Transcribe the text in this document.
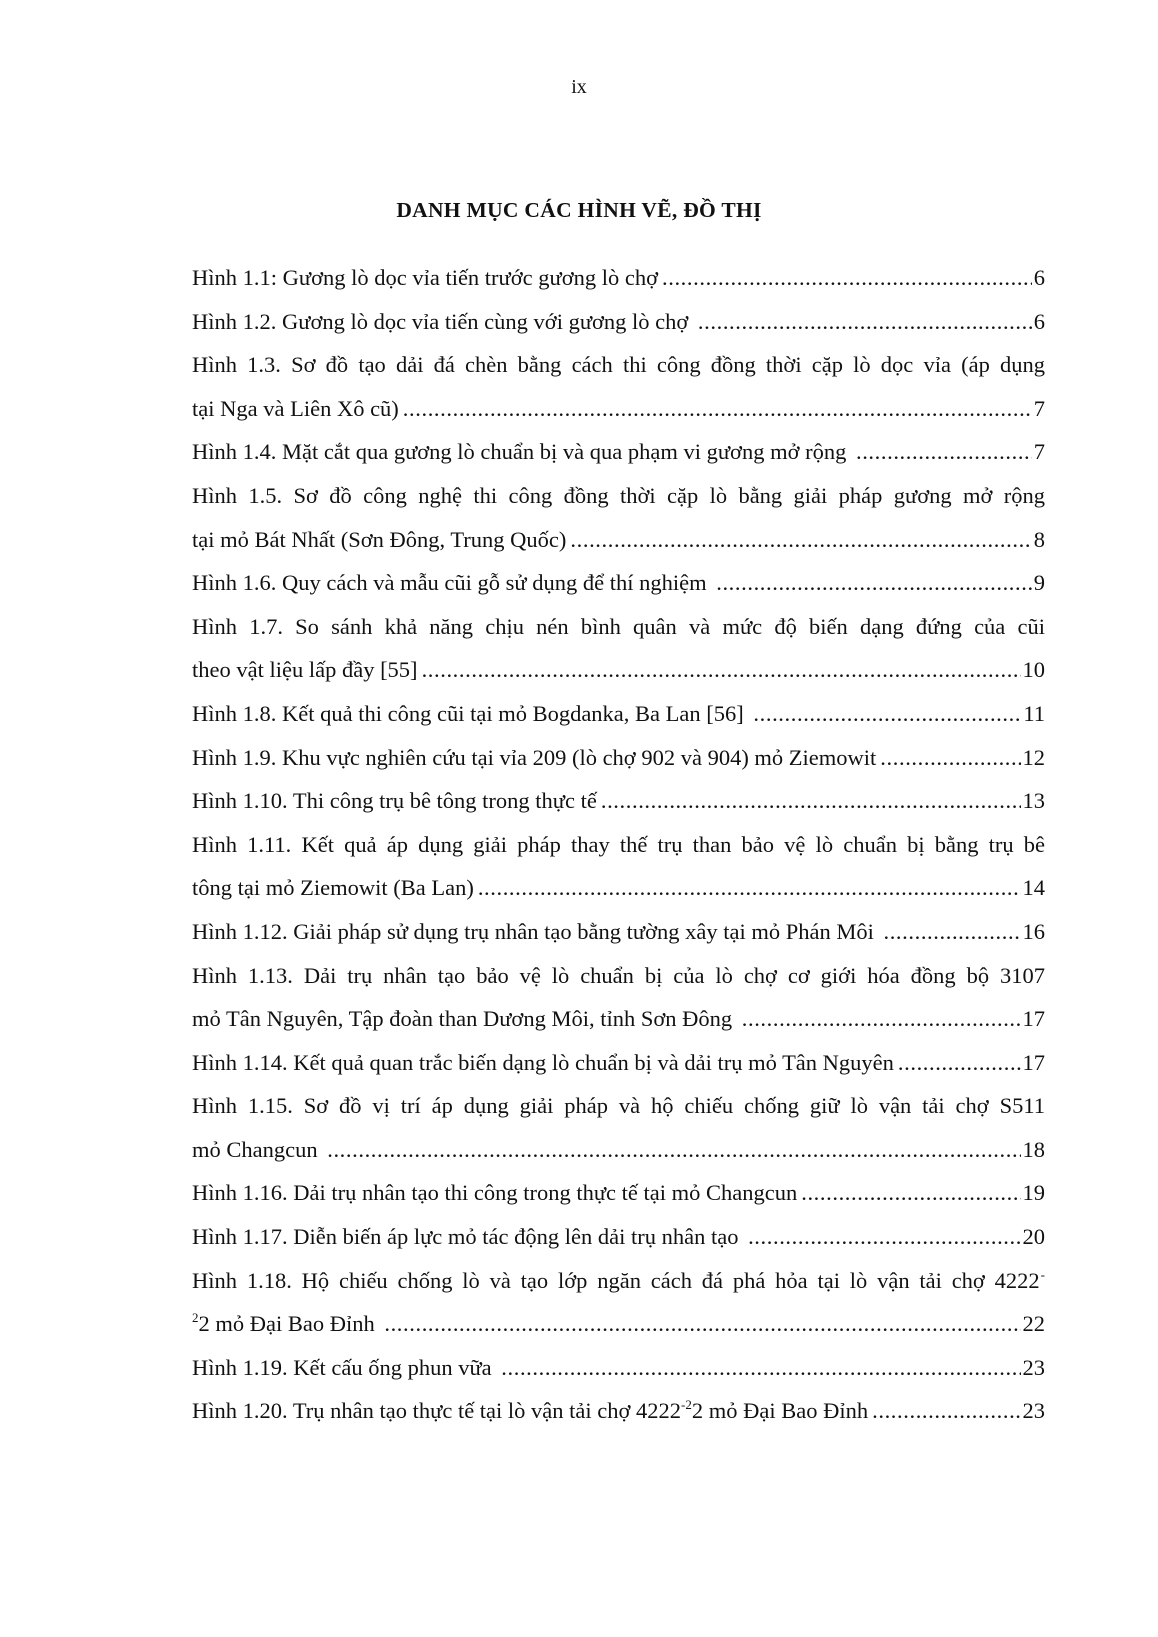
ix
DANH MỤC CÁC HÌNH VẼ, ĐỒ THỊ
Hình 1.1: Gương lò dọc vỉa tiến trước gương lò chợ .....	6
Hình 1.2. Gương lò dọc vỉa tiến cùng với gương lò chợ .....	6
Hình 1.3. Sơ đồ tạo dải đá chèn bằng cách thi công đồng thời cặp lò dọc vỉa (áp dụng
tại Nga và Liên Xô cũ) .....	7
Hình 1.4. Mặt cắt qua gương lò chuẩn bị và qua phạm vi gương mở rộng .....	7
Hình 1.5. Sơ đồ công nghệ thi công đồng thời cặp lò bằng giải pháp gương mở rộng
tại mỏ Bát Nhất (Sơn Đông, Trung Quốc) .....	8
Hình 1.6. Quy cách và mẫu cũi gỗ sử dụng để thí nghiệm .....	9
Hình 1.7. So sánh khả năng chịu nén bình quân và mức độ biến dạng đứng của cũi
theo vật liệu lấp đầy [55] .....	10
Hình 1.8. Kết quả thi công cũi tại mỏ Bogdanka, Ba Lan [56] .....	11
Hình 1.9. Khu vực nghiên cứu tại vỉa 209 (lò chợ 902 và 904) mỏ Ziemowit .....	12
Hình 1.10. Thi công trụ bê tông trong thực tế .....	13
Hình 1.11. Kết quả áp dụng giải pháp thay thế trụ than bảo vệ lò chuẩn bị bằng trụ bê
tông tại mỏ Ziemowit (Ba Lan) .....	14
Hình 1.12. Giải pháp sử dụng trụ nhân tạo bằng tường xây tại mỏ Phán Môi .....	16
Hình 1.13. Dải trụ nhân tạo bảo vệ lò chuẩn bị của lò chợ cơ giới hóa đồng bộ 3107
mỏ Tân Nguyên, Tập đoàn than Dương Môi, tỉnh Sơn Đông .....	17
Hình 1.14. Kết quả quan trắc biến dạng lò chuẩn bị và dải trụ mỏ Tân Nguyên .....	17
Hình 1.15. Sơ đồ vị trí áp dụng giải pháp và hộ chiếu chống giữ lò vận tải chợ S511
mỏ Changcun .....	18
Hình 1.16. Dải trụ nhân tạo thi công trong thực tế tại mỏ Changcun .....	19
Hình 1.17. Diễn biến áp lực mỏ tác động lên dải trụ nhân tạo .....	20
Hình 1.18. Hộ chiếu chống lò và tạo lớp ngăn cách đá phá hỏa tại lò vận tải chợ 4222-
$^2$2 mỏ Đại Bao Đỉnh .....	22
Hình 1.19. Kết cấu ống phun vữa .....	23
Hình 1.20. Trụ nhân tạo thực tế tại lò vận tải chợ $4222^{-2}2$ mỏ Đại Bao Đỉnh .....	23
